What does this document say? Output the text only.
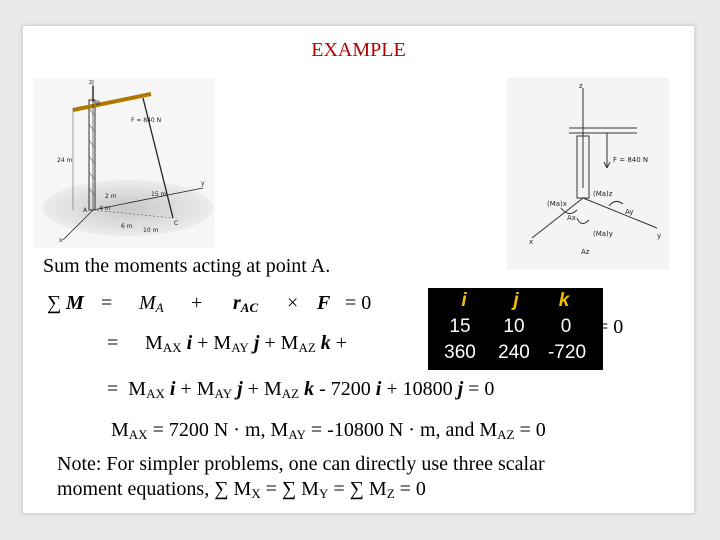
EXAMPLE
z
B
F = 840 N
24 m
A
2 m	15 m
4 m
6 m
10 m
y
x
C
z
F = 840 N
(Ma)z
(Ma)x
Ay
Ax
(Ma)y
Az
x
y
Sum the moments acting at point A.
∑ $M = M_A + r_{AC} \times F = 0$
= $M_{AX}$ $i + M_{AY}$ $j + M_{AZ}$ k +
i	j	k
15	10	0
360	240 -720
= 0
= $M_{AX}$ $i + M_{AY}$ $j + M_{AZ}$ k - 7200 i + 10800 j = 0
$M_{AX} = 7200$ N · m, $M_{AY} = -10800$ N · m, and $M_{AZ} = 0$
Note: For simpler problems, one can directly use three scalar
moment equations, ∑ $M_X$ = ∑ $M_Y$ = ∑ $M_Z = 0$
